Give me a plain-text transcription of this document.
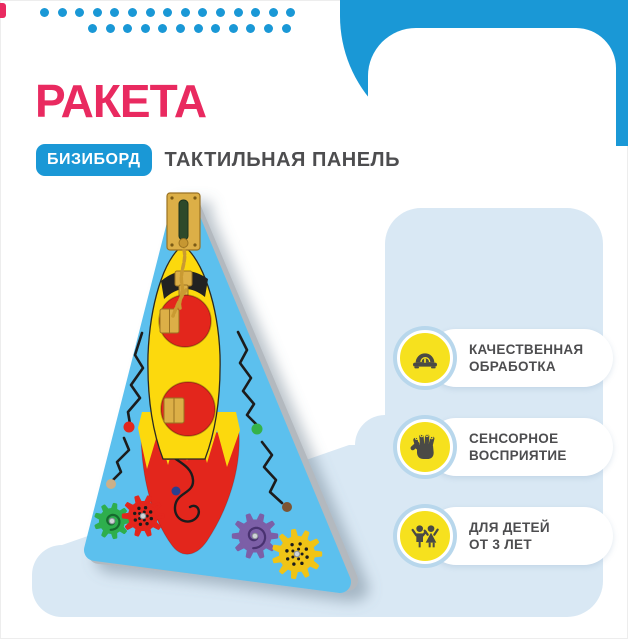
РАКЕТА
БИЗИБОРД	ТАКТИЛЬНАЯ ПАНЕЛЬ
КАЧЕСТВЕННАЯ
ОБРАБОТКА
СЕНСОРНОЕ
ВОСПРИЯТИЕ
ДЛЯ ДЕТЕЙ
ОТ 3 ЛЕТ
